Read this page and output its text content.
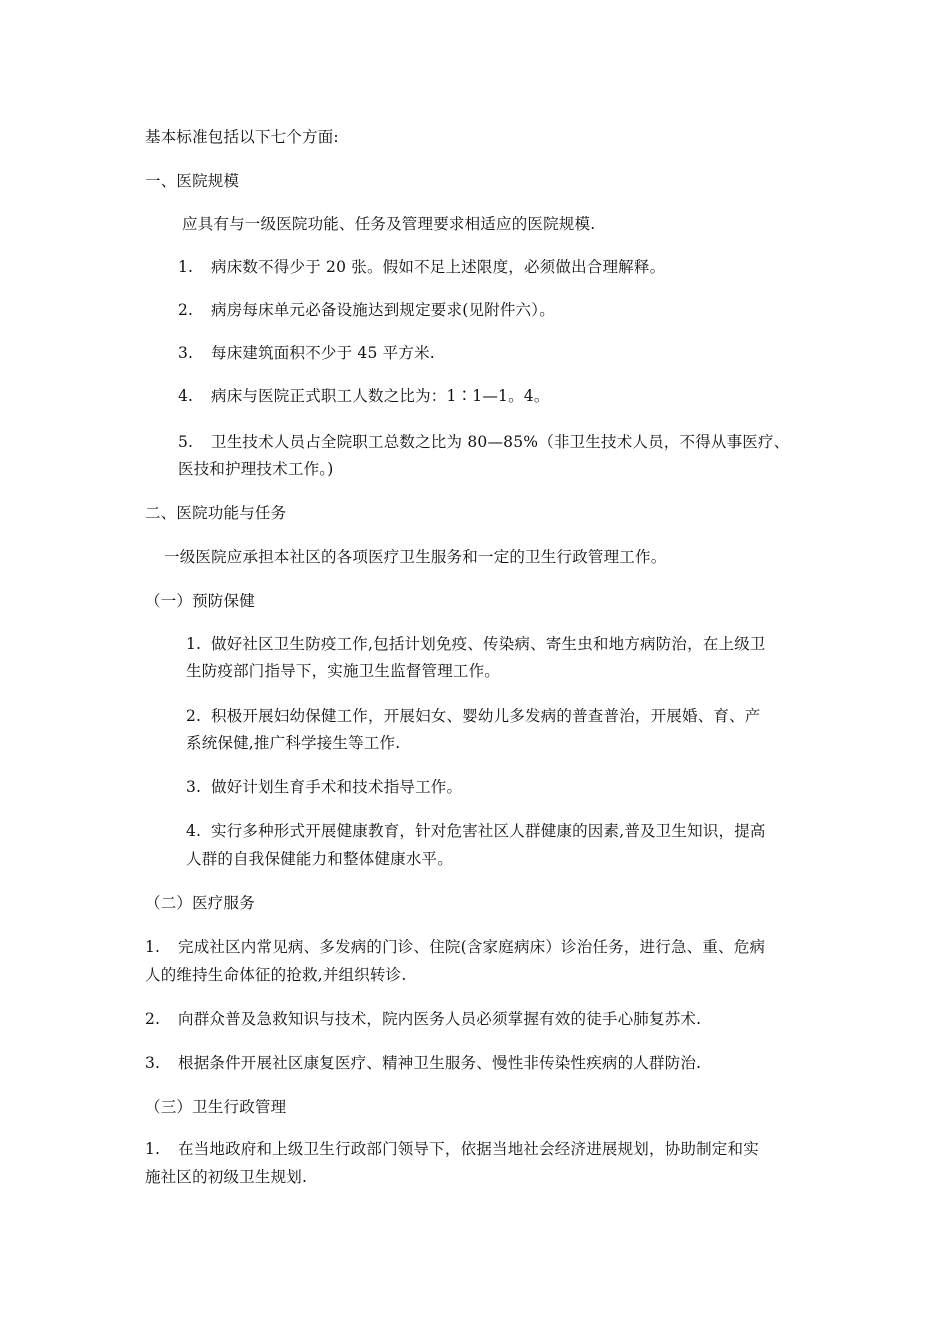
基本标准包括以下七个方面:
一、医院规模
应具有与一级医院功能、任务及管理要求相适应的医院规模.
1. 病床数不得少于 20 张。假如不足上述限度，必须做出合理解释。
2. 病房每床单元必备设施达到规定要求(见附件六）。
3. 每床建筑面积不少于 45 平方米.
4. 病床与医院正式职工人数之比为：1∶1—1。4。
5. 卫生技术人员占全院职工总数之比为 80—85%（非卫生技术人员，不得从事医疗、
医技和护理技术工作。)
二、医院功能与任务
一级医院应承担本社区的各项医疗卫生服务和一定的卫生行政管理工作。
（一）预防保健
1. 做好社区卫生防疫工作,包括计划免疫、传染病、寄生虫和地方病防治，在上级卫
生防疫部门指导下，实施卫生监督管理工作。
2. 积极开展妇幼保健工作，开展妇女、婴幼儿多发病的普查普治，开展婚、育、产
系统保健,推广科学接生等工作.
3. 做好计划生育手术和技术指导工作。
4. 实行多种形式开展健康教育，针对危害社区人群健康的因素,普及卫生知识，提高
人群的自我保健能力和整体健康水平。
（二）医疗服务
1. 完成社区内常见病、多发病的门诊、住院(含家庭病床）诊治任务，进行急、重、危病
人的维持生命体征的抢救,并组织转诊.
2. 向群众普及急救知识与技术，院内医务人员必须掌握有效的徒手心肺复苏术.
3. 根据条件开展社区康复医疗、精神卫生服务、慢性非传染性疾病的人群防治.
（三）卫生行政管理
1. 在当地政府和上级卫生行政部门领导下，依据当地社会经济进展规划，协助制定和实
施社区的初级卫生规划.
